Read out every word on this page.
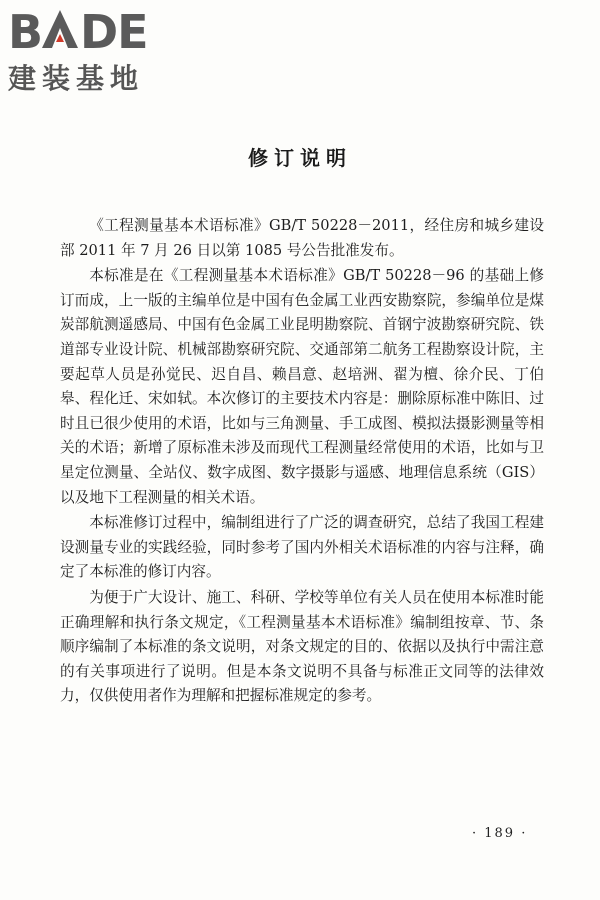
B DE
建装基地
修订说明

《工程测量基本术语标准》GB/T 50228－2011，经住房和城乡建设部 2011 年 7 月 26 日以第 1085 号公告批准发布。

本标准是在《工程测量基本术语标准》GB/T 50228－96 的基础上修订而成，上一版的主编单位是中国有色金属工业西安勘察院，参编单位是煤炭部航测遥感局、中国有色金属工业昆明勘察院、首钢宁波勘察研究院、铁道部专业设计院、机械部勘察研究院、交通部第二航务工程勘察设计院，主要起草人员是孙觉民、迟自昌、赖昌意、赵培洲、翟为檀、徐介民、丁伯皋、程化迁、宋如轼。本次修订的主要技术内容是：删除原标准中陈旧、过时且已很少使用的术语，比如与三角测量、手工成图、模拟法摄影测量等相关的术语；新增了原标准未涉及而现代工程测量经常使用的术语，比如与卫星定位测量、全站仪、数字成图、数字摄影与遥感、地理信息系统（GIS）以及地下工程测量的相关术语。

本标准修订过程中，编制组进行了广泛的调查研究，总结了我国工程建设测量专业的实践经验，同时参考了国内外相关术语标准的内容与注释，确定了本标准的修订内容。

为便于广大设计、施工、科研、学校等单位有关人员在使用本标准时能正确理解和执行条文规定，《工程测量基本术语标准》编制组按章、节、条顺序编制了本标准的条文说明，对条文规定的目的、依据以及执行中需注意的有关事项进行了说明。但是本条文说明不具备与标准正文同等的法律效力，仅供使用者作为理解和把握标准规定的参考。

· 189 ·
